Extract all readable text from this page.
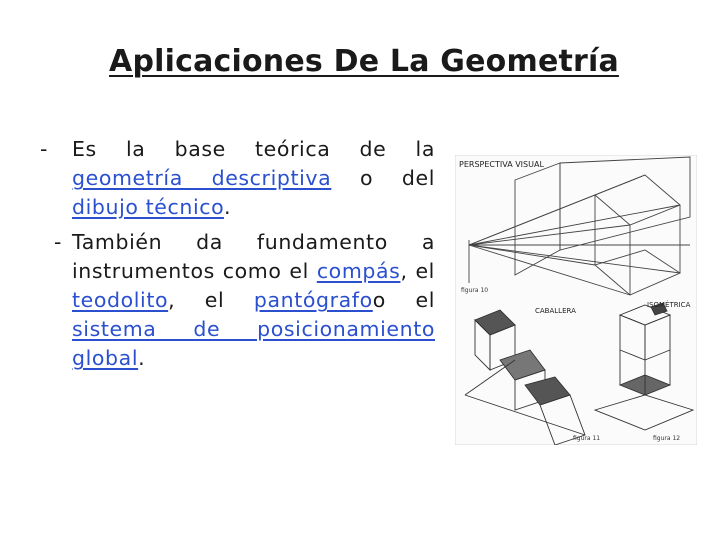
Aplicaciones De La Geometría
- Es la base teórica de la geometría descriptiva o del dibujo técnico.
- También da fundamento a instrumentos como el compás, el teodolito, el pantógrafoo el sistema de posicionamiento global.
PERSPECTIVA VISUAL
figura 10
CABALLERA
figura 11
ISOMÉTRICA
figura 12
